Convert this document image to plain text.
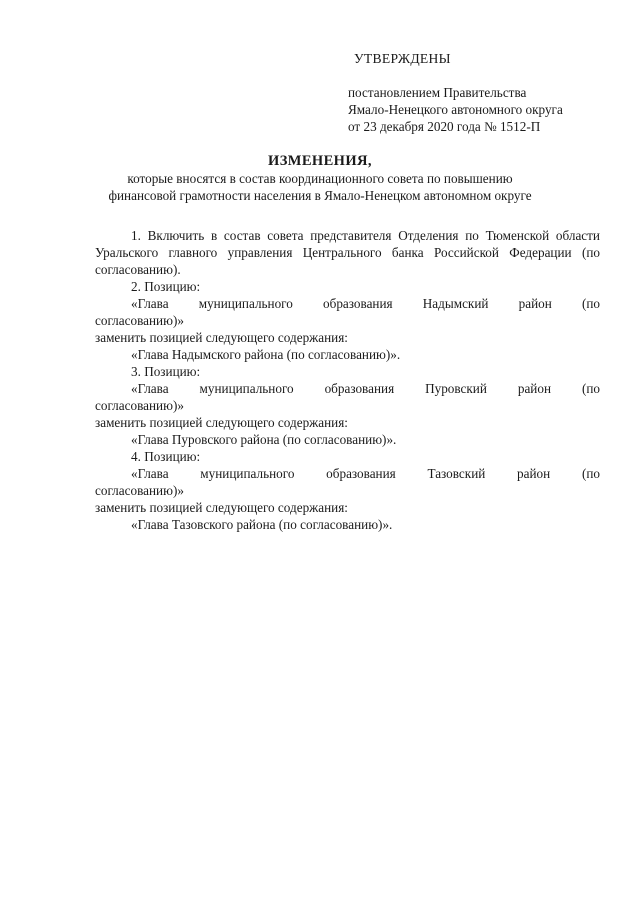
УТВЕРЖДЕНЫ
постановлением Правительства
Ямало-Ненецкого автономного округа
от 23 декабря 2020 года № 1512-П
ИЗМЕНЕНИЯ,
которые вносятся в состав координационного совета по повышению
финансовой грамотности населения в Ямало-Ненецком автономном округе
1. Включить в состав совета представителя Отделения по Тюменской области Уральского главного управления Центрального банка Российской Федерации (по согласованию).
2. Позицию:
«Глава муниципального образования Надымский район (по
согласованию)»
заменить позицией следующего содержания:
«Глава Надымского района (по согласованию)».
3. Позицию:
«Глава муниципального образования Пуровский район (по
согласованию)»
заменить позицией следующего содержания:
«Глава Пуровского района (по согласованию)».
4. Позицию:
«Глава муниципального образования Тазовский район (по
согласованию)»
заменить позицией следующего содержания:
«Глава Тазовского района (по согласованию)».
